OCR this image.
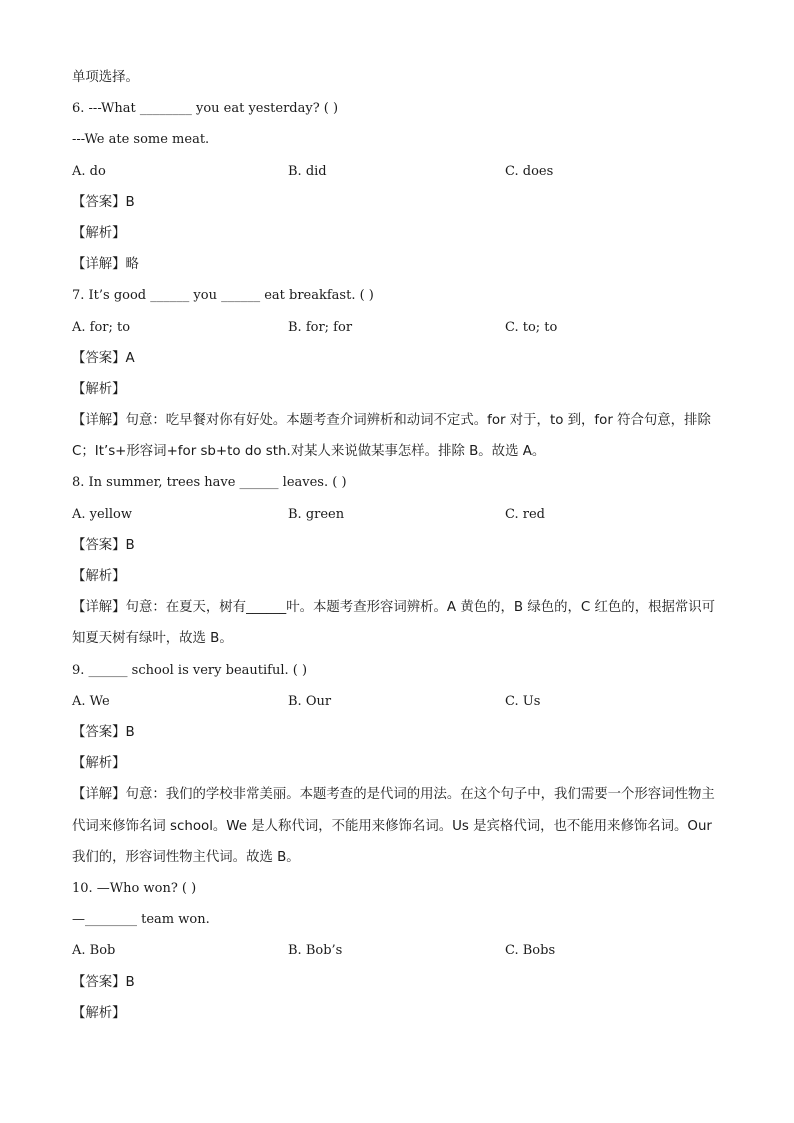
单项选择。
6. ---What ________ you eat yesterday? ( )
---We ate some meat.
A. do	B. did	C. does
【答案】B
【解析】
【详解】略
7. It’s good ______ you ______ eat breakfast. ( )
A. for; to	B. for; for	C. to; to
【答案】A
【解析】
【详解】句意：吃早餐对你有好处。本题考查介词辨析和动词不定式。for 对于，to 到，for 符合句意，排除 C；It’s+形容词+for sb+to do sth.对某人来说做某事怎样。排除 B。故选 A。
8. In summer, trees have ______ leaves. ( )
A. yellow	B. green	C. red
【答案】B
【解析】
【详解】句意：在夏天，树有______叶。本题考查形容词辨析。A 黄色的，B 绿色的，C 红色的，根据常识可知夏天树有绿叶，故选 B。
9. ______ school is very beautiful. ( )
A. We	B. Our	C. Us
【答案】B
【解析】
【详解】句意：我们的学校非常美丽。本题考查的是代词的用法。在这个句子中，我们需要一个形容词性物主代词来修饰名词 school。We 是人称代词，不能用来修饰名词。Us 是宾格代词，也不能用来修饰名词。Our 我们的，形容词性物主代词。故选 B。
10. —Who won? ( )
—________ team won.
A. Bob	B. Bob’s	C. Bobs
【答案】B
【解析】
